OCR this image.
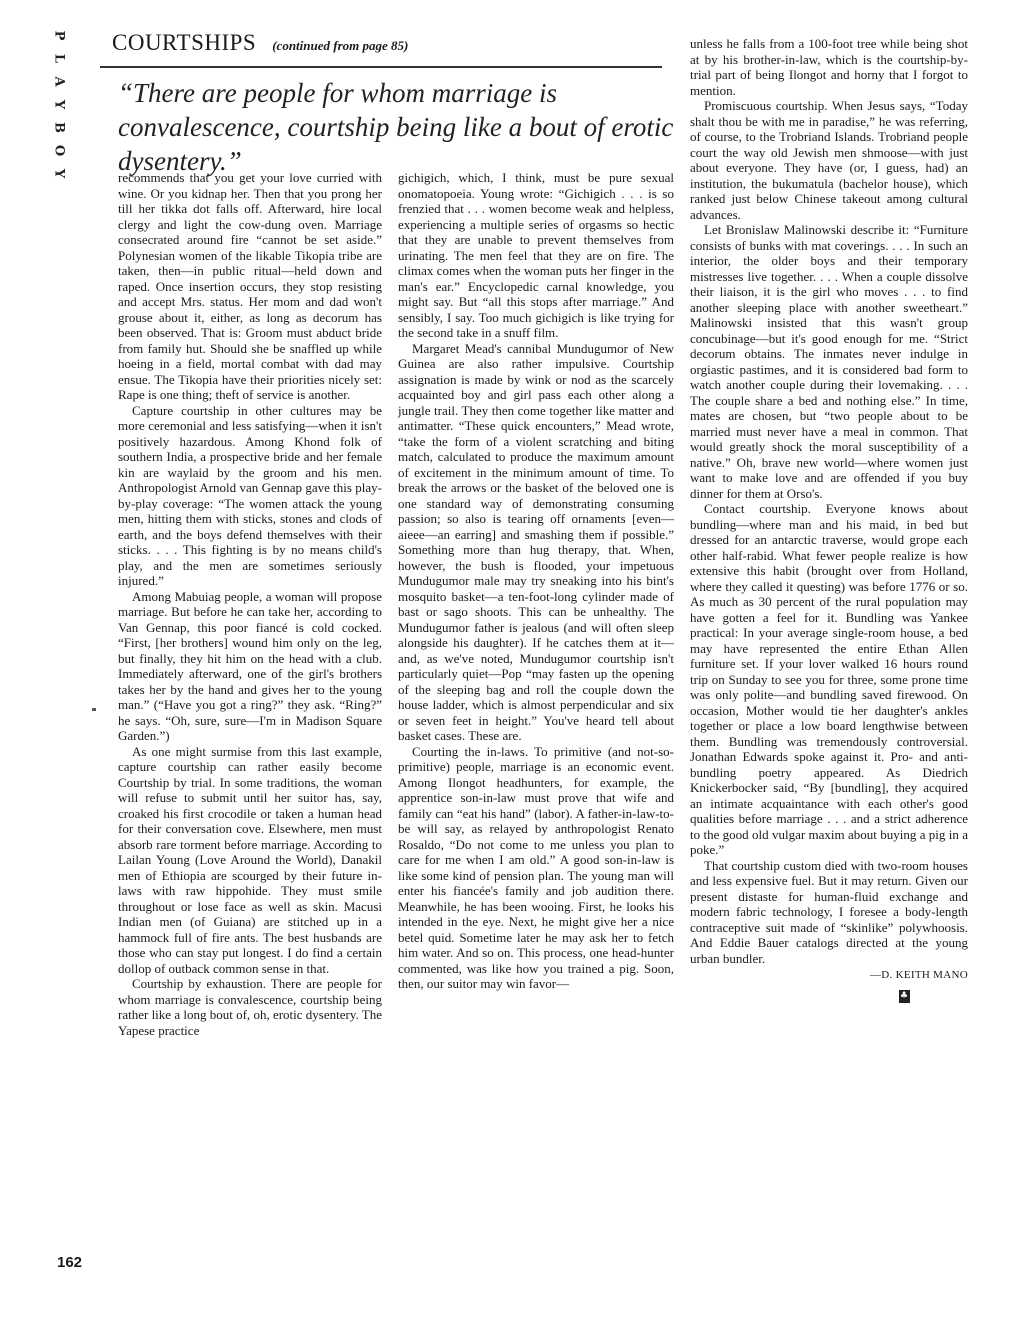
P
L
A
Y
B
O
Y
COURTSHIPS (continued from page 85)
“There are people for whom marriage is convalescence, courtship being like a bout of erotic dysentery.”

recommends that you get your love curried with wine. Or you kidnap her. Then that you prong her till her tikka dot falls off. Afterward, hire local clergy and light the cow-dung oven. Marriage consecrated around fire “cannot be set aside.” Polynesian women of the likable Tikopia tribe are taken, then—in public ritual—held down and raped. Once insertion occurs, they stop resisting and accept Mrs. status. Her mom and dad won't grouse about it, either, as long as decorum has been observed. That is: Groom must abduct bride from family hut. Should she be snaffled up while hoeing in a field, mortal combat with dad may ensue. The Tikopia have their priorities nicely set: Rape is one thing; theft of service is another.

Capture courtship in other cultures may be more ceremonial and less satisfying—when it isn't positively hazardous. Among Khond folk of southern India, a prospective bride and her female kin are waylaid by the groom and his men. Anthropologist Arnold van Gennap gave this play-by-play coverage: “The women attack the young men, hitting them with sticks, stones and clods of earth, and the boys defend themselves with their sticks. . . . This fighting is by no means child's play, and the men are sometimes seriously injured.”

Among Mabuiag people, a woman will propose marriage. But before he can take her, according to Van Gennap, this poor fiancé is cold cocked. “First, [her brothers] wound him only on the leg, but finally, they hit him on the head with a club. Immediately afterward, one of the girl's brothers takes her by the hand and gives her to the young man.” (“Have you got a ring?” they ask. “Ring?” he says. “Oh, sure, sure—I'm in Madison Square Garden.”)

As one might surmise from this last example, capture courtship can rather easily become Courtship by trial. In some traditions, the woman will refuse to submit until her suitor has, say, croaked his first crocodile or taken a human head for their conversation cove. Elsewhere, men must absorb rare torment before marriage. According to Lailan Young (Love Around the World), Danakil men of Ethiopia are scourged by their future in-laws with raw hippohide. They must smile throughout or lose face as well as skin. Macusi Indian men (of Guiana) are stitched up in a hammock full of fire ants. The best husbands are those who can stay put longest. I do find a certain dollop of outback common sense in that.

Courtship by exhaustion. There are people for whom marriage is convalescence, courtship being rather like a long bout of, oh, erotic dysentery. The Yapese practice

gichigich, which, I think, must be pure sexual onomatopoeia. Young wrote: “Gichigich . . . is so frenzied that . . . women become weak and helpless, experiencing a multiple series of orgasms so hectic that they are unable to prevent themselves from urinating. The men feel that they are on fire. The climax comes when the woman puts her finger in the man's ear.” Encyclopedic carnal knowledge, you might say. But “all this stops after marriage.” And sensibly, I say. Too much gichigich is like trying for the second take in a snuff film.

Margaret Mead's cannibal Mundugumor of New Guinea are also rather impulsive. Courtship assignation is made by wink or nod as the scarcely acquainted boy and girl pass each other along a jungle trail. They then come together like matter and antimatter. “These quick encounters,” Mead wrote, “take the form of a violent scratching and biting match, calculated to produce the maximum amount of excitement in the minimum amount of time. To break the arrows or the basket of the beloved one is one standard way of demonstrating consuming passion; so also is tearing off ornaments [even—aieee—an earring] and smashing them if possible.” Something more than hug therapy, that. When, however, the bush is flooded, your impetuous Mundugumor male may try sneaking into his bint's mosquito basket—a ten-foot-long cylinder made of bast or sago shoots. This can be unhealthy. The Mundugumor father is jealous (and will often sleep alongside his daughter). If he catches them at it—and, as we've noted, Mundugumor courtship isn't particularly quiet—Pop “may fasten up the opening of the sleeping bag and roll the couple down the house ladder, which is almost perpendicular and six or seven feet in height.” You've heard tell about basket cases. These are.

Courting the in-laws. To primitive (and not-so-primitive) people, marriage is an economic event. Among Ilongot headhunters, for example, the apprentice son-in-law must prove that wife and family can “eat his hand” (labor). A father-in-law-to-be will say, as relayed by anthropologist Renato Rosaldo, “Do not come to me unless you plan to care for me when I am old.” A good son-in-law is like some kind of pension plan. The young man will enter his fiancée's family and job audition there. Meanwhile, he has been wooing. First, he looks his intended in the eye. Next, he might give her a nice betel quid. Sometime later he may ask her to fetch him water. And so on. This process, one head-hunter commented, was like how you trained a pig. Soon, then, our suitor may win favor—

unless he falls from a 100-foot tree while being shot at by his brother-in-law, which is the courtship-by-trial part of being Ilongot and horny that I forgot to mention.

Promiscuous courtship. When Jesus says, “Today shalt thou be with me in paradise,” he was referring, of course, to the Trobriand Islands. Trobriand people court the way old Jewish men shmoose—with just about everyone. They have (or, I guess, had) an institution, the bukumatula (bachelor house), which ranked just below Chinese takeout among cultural advances.

Let Bronislaw Malinowski describe it: “Furniture consists of bunks with mat coverings. . . . In such an interior, the older boys and their temporary mistresses live together. . . . When a couple dissolve their liaison, it is the girl who moves . . . to find another sleeping place with another sweetheart.” Malinowski insisted that this wasn't group concubinage—but it's good enough for me. “Strict decorum obtains. The inmates never indulge in orgiastic pastimes, and it is considered bad form to watch another couple during their lovemaking. . . . The couple share a bed and nothing else.” In time, mates are chosen, but “two people about to be married must never have a meal in common. That would greatly shock the moral susceptibility of a native.” Oh, brave new world—where women just want to make love and are offended if you buy dinner for them at Orso's.

Contact courtship. Everyone knows about bundling—where man and his maid, in bed but dressed for an antarctic traverse, would grope each other half-rabid. What fewer people realize is how extensive this habit (brought over from Holland, where they called it questing) was before 1776 or so. As much as 30 percent of the rural population may have gotten a feel for it. Bundling was Yankee practical: In your average single-room house, a bed may have represented the entire Ethan Allen furniture set. If your lover walked 16 hours round trip on Sunday to see you for three, some prone time was only polite—and bundling saved firewood. On occasion, Mother would tie her daughter's ankles together or place a low board lengthwise between them. Bundling was tremendously controversial. Jonathan Edwards spoke against it. Pro- and anti-bundling poetry appeared. As Diedrich Knickerbocker said, “By [bundling], they acquired an intimate acquaintance with each other's good qualities before marriage . . . and a strict adherence to the good old vulgar maxim about buying a pig in a poke.”

That courtship custom died with two-room houses and less expensive fuel. But it may return. Given our present distaste for human-fluid exchange and modern fabric technology, I foresee a body-length contraceptive suit made of “skinlike” polywhoosis. And Eddie Bauer catalogs directed at the young urban bundler.

—D. KEITH MANO
♣
162
